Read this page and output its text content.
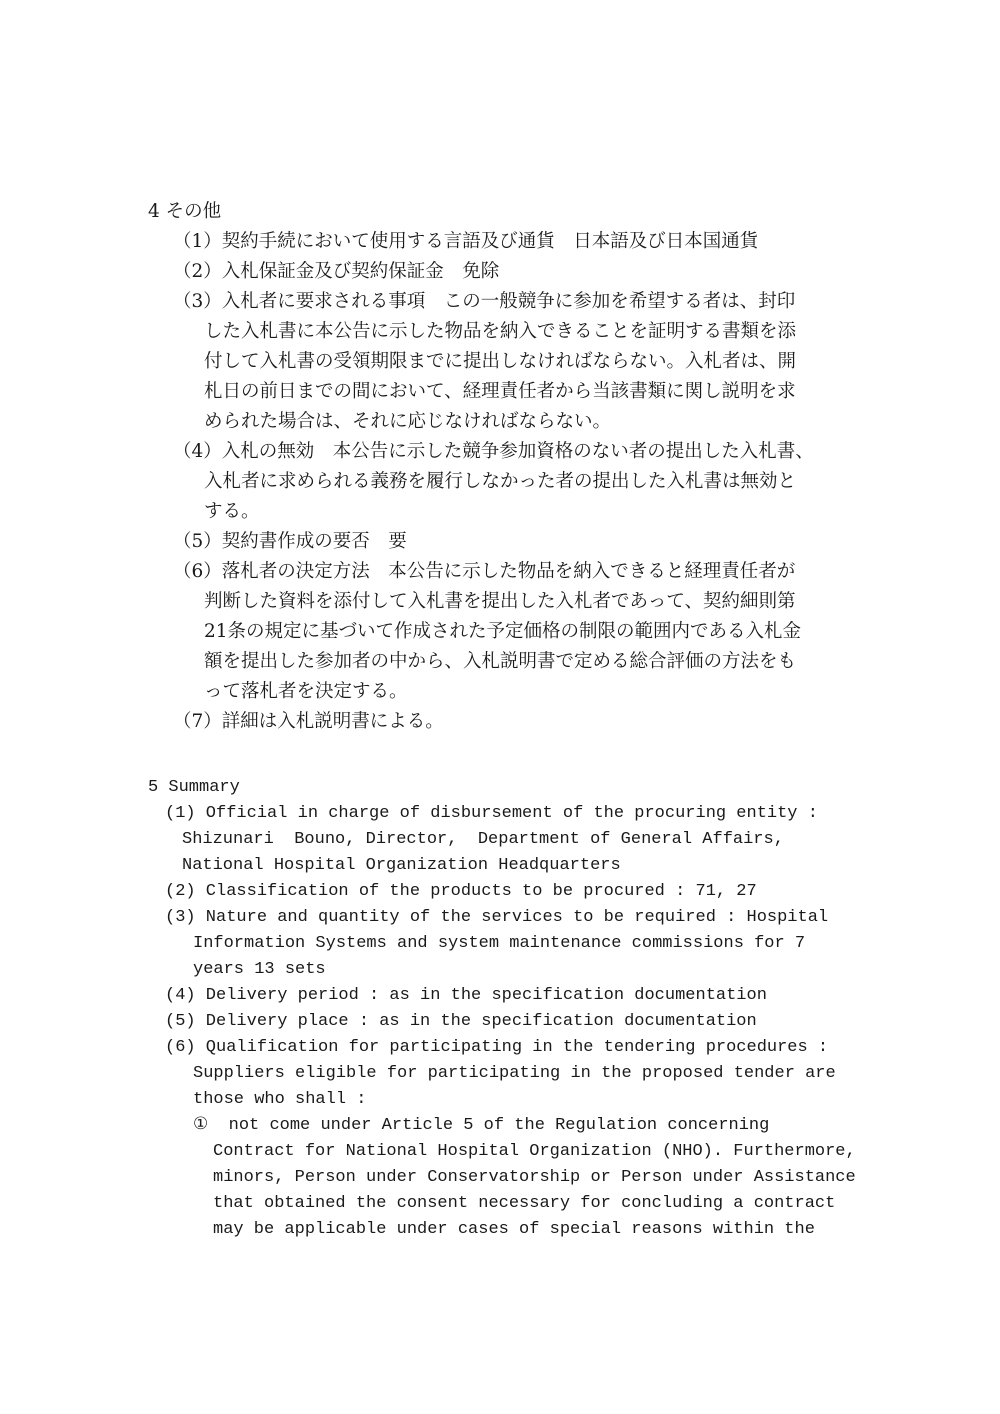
4 その他
（1）契約手続において使用する言語及び通貨　日本語及び日本国通貨
（2）入札保証金及び契約保証金　免除
（3）入札者に要求される事項　この一般競争に参加を希望する者は、封印
した入札書に本公告に示した物品を納入できることを証明する書類を添
付して入札書の受領期限までに提出しなければならない。入札者は、開
札日の前日までの間において、経理責任者から当該書類に関し説明を求
められた場合は、それに応じなければならない。
（4）入札の無効　本公告に示した競争参加資格のない者の提出した入札書、
入札者に求められる義務を履行しなかった者の提出した入札書は無効と
する。
（5）契約書作成の要否　要
（6）落札者の決定方法　本公告に示した物品を納入できると経理責任者が
判断した資料を添付して入札書を提出した入札者であって、契約細則第
21条の規定に基づいて作成された予定価格の制限の範囲内である入札金
額を提出した参加者の中から、入札説明書で定める総合評価の方法をも
って落札者を決定する。
（7）詳細は入札説明書による。
5 Summary
(1) Official in charge of disbursement of the procuring entity :
Shizunari  Bouno, Director,  Department of General Affairs,
National Hospital Organization Headquarters
(2) Classification of the products to be procured : 71, 27
(3) Nature and quantity of the services to be required : Hospital
Information Systems and system maintenance commissions for 7
years 13 sets
(4) Delivery period : as in the specification documentation
(5) Delivery place : as in the specification documentation
(6) Qualification for participating in the tendering procedures :
Suppliers eligible for participating in the proposed tender are
those who shall :
①  not come under Article 5 of the Regulation concerning
Contract for National Hospital Organization (NHO). Furthermore,
minors, Person under Conservatorship or Person under Assistance
that obtained the consent necessary for concluding a contract
may be applicable under cases of special reasons within the
